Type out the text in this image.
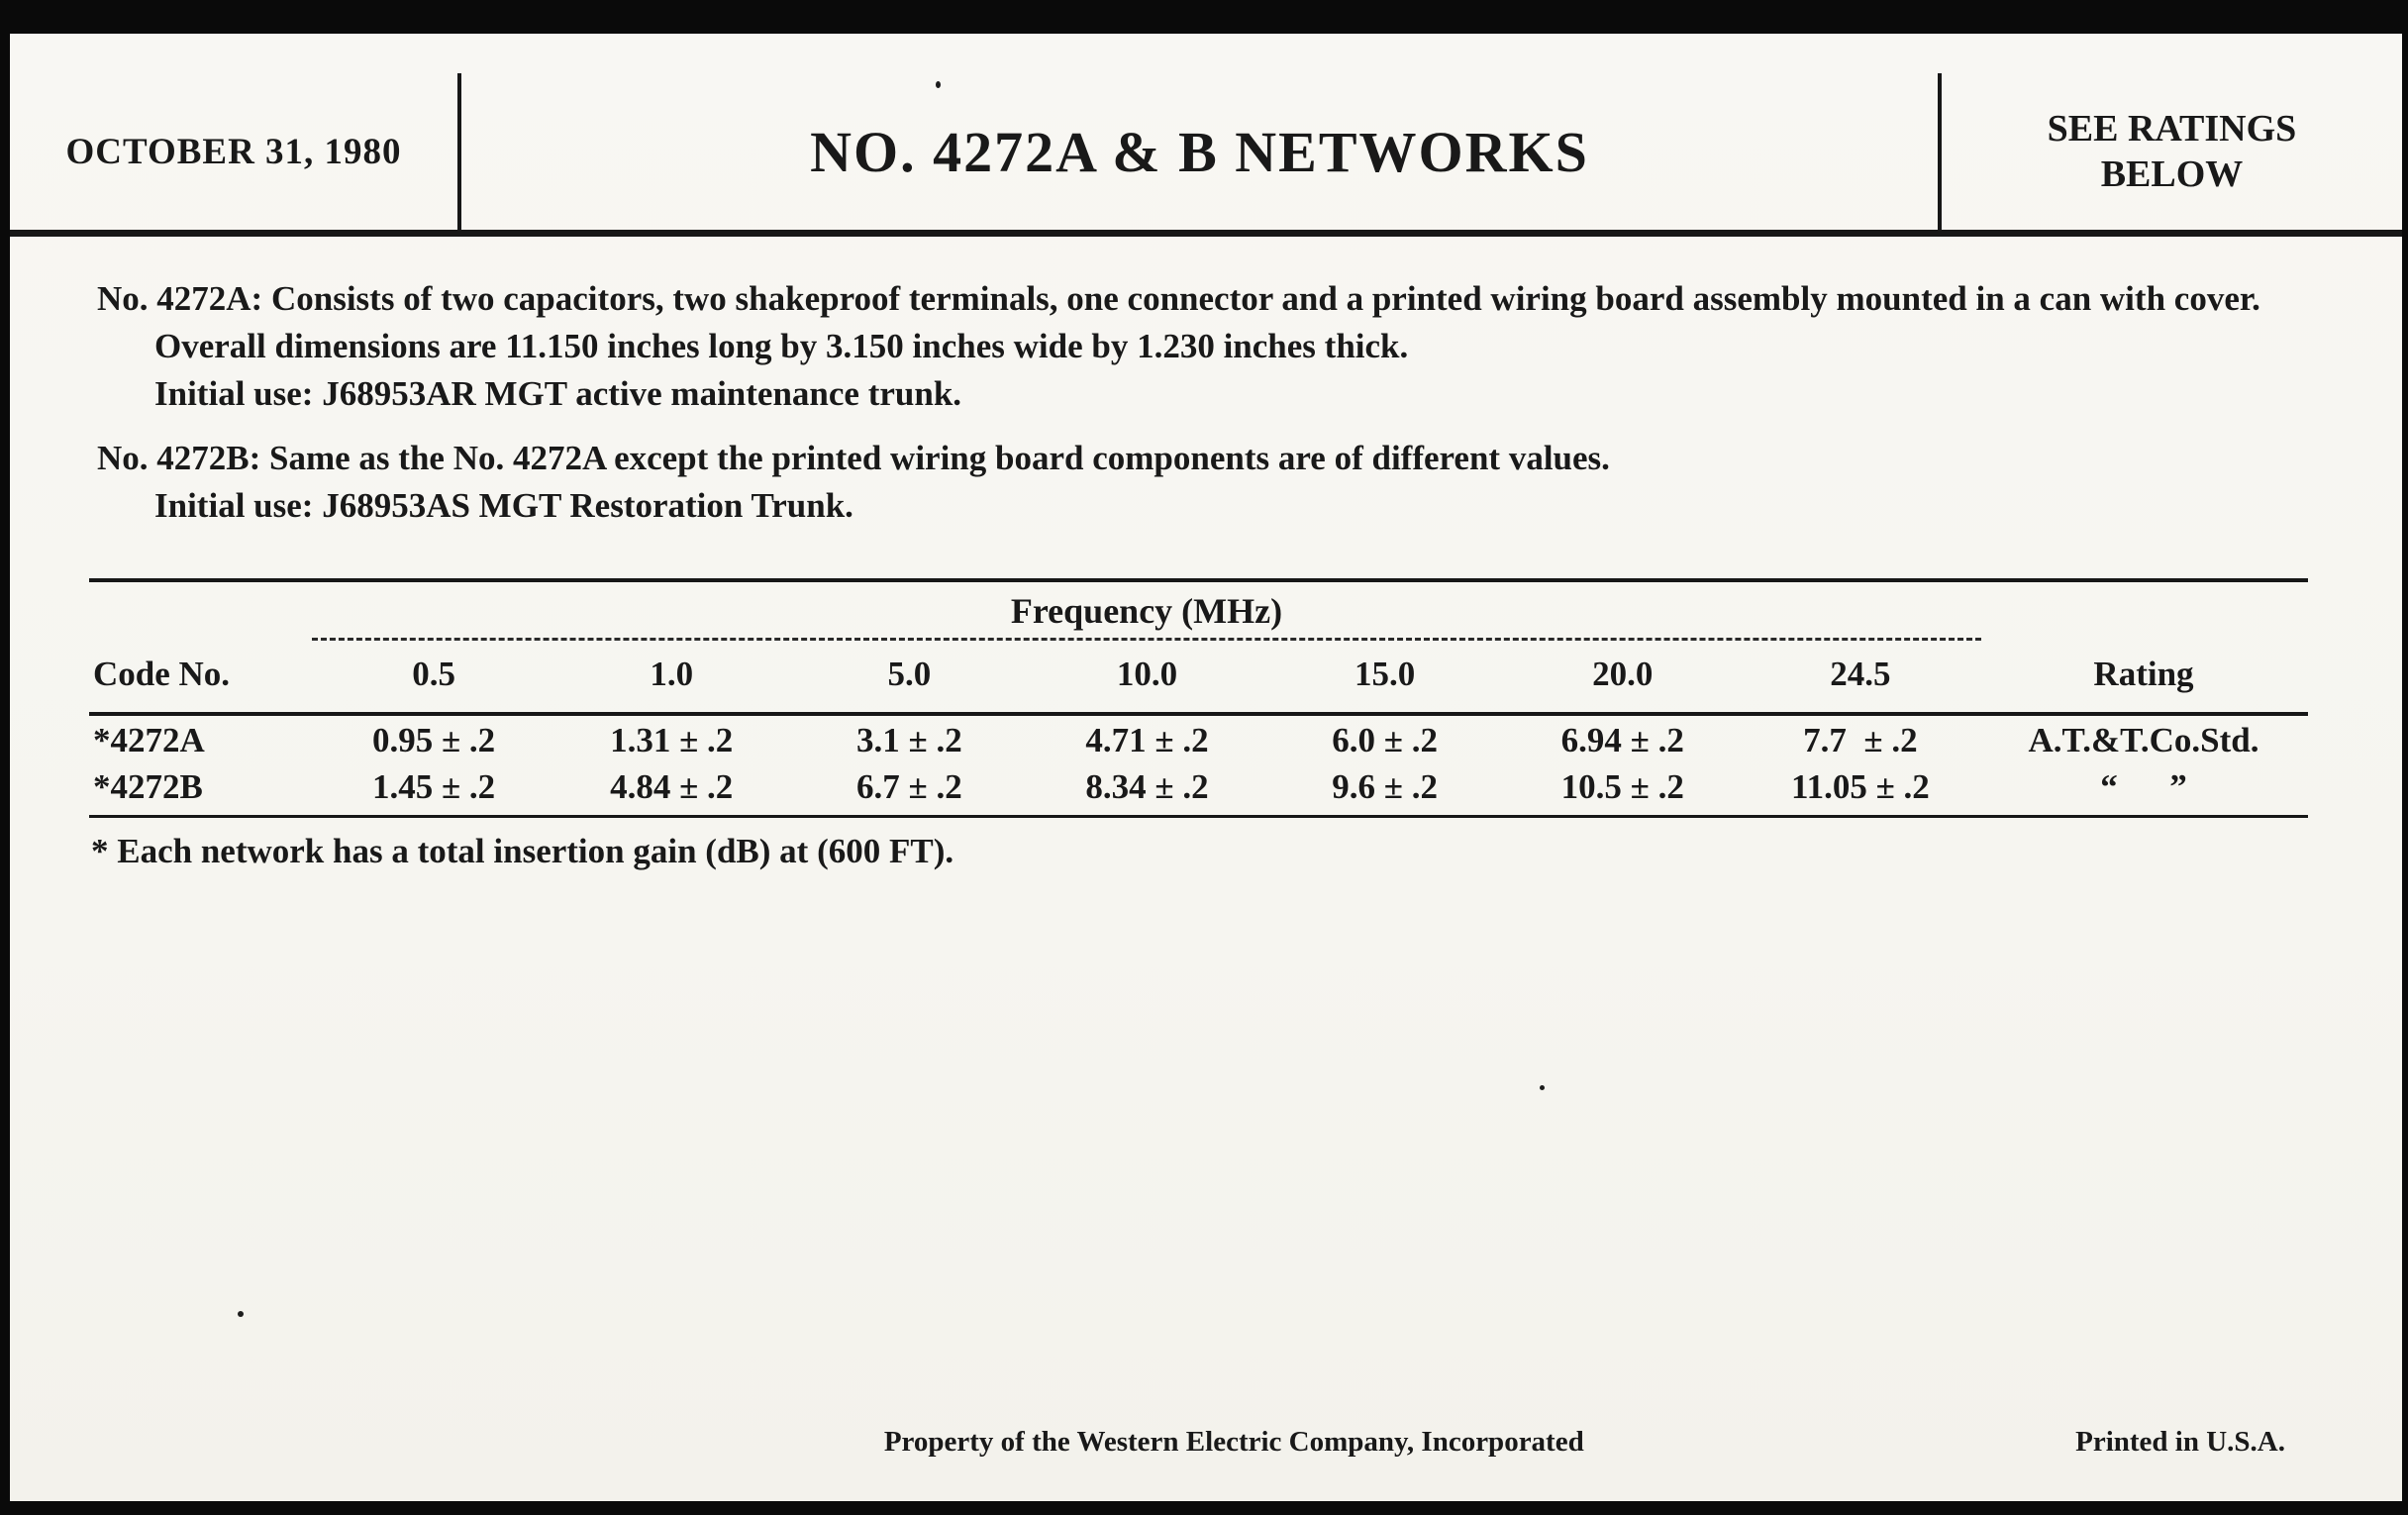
OCTOBER 31, 1980	NO. 4272A & B NETWORKS	SEE RATINGS BELOW

No. 4272A: Consists of two capacitors, two shakeproof terminals, one connector and a printed wiring board assembly mounted in a can with cover.

Overall dimensions are 11.150 inches long by 3.150 inches wide by 1.230 inches thick.

Initial use: J68953AR MGT active maintenance trunk.

No. 4272B: Same as the No. 4272A except the printed wiring board components are of different values.

Initial use: J68953AS MGT Restoration Trunk.

Frequency (MHz)
Code No.	0.5	1.0	5.0	10.0	15.0	20.0	24.5	Rating
*4272A	0.95 ± .2	1.31 ± .2	3.1 ± .2	4.71 ± .2	6.0 ± .2	6.94 ± .2	7.7  ± .2	A.T.&T.Co.Std.
*4272B	1.45 ± .2	4.84 ± .2	6.7 ± .2	8.34 ± .2	9.6 ± .2	10.5 ± .2	11.05 ± .2	“      ”
* Each network has a total insertion gain (dB) at (600 FT).
Property of the Western Electric Company, Incorporated	Printed in U.S.A.
